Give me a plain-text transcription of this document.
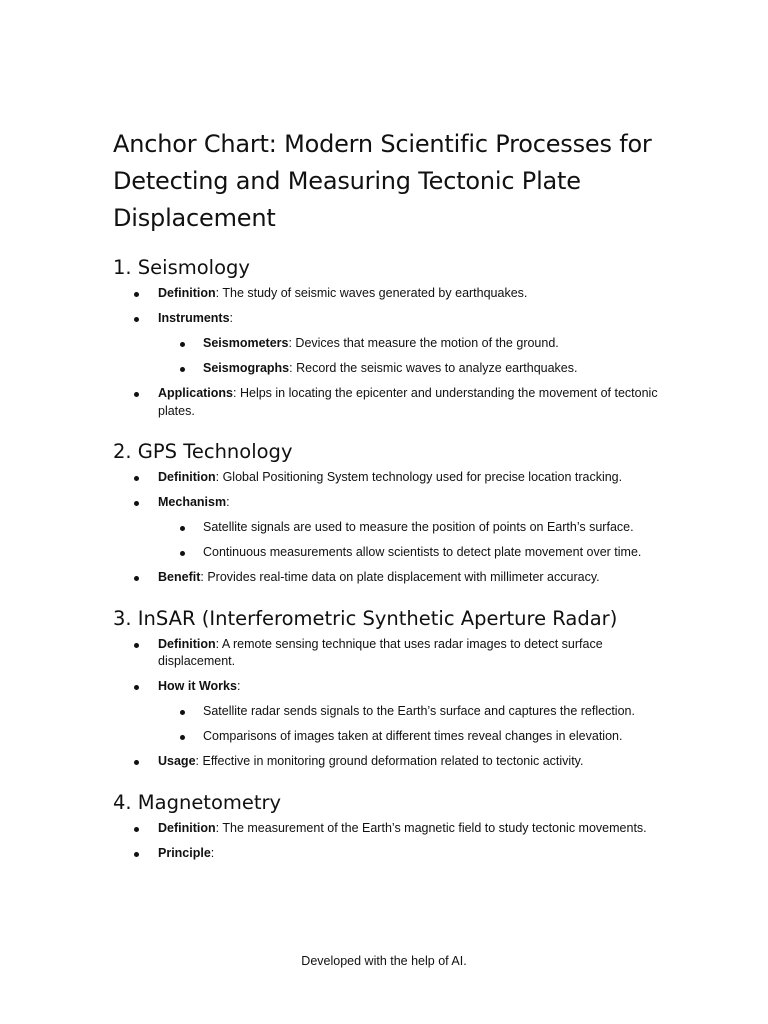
Anchor Chart: Modern Scientific Processes for Detecting and Measuring Tectonic Plate Displacement
1. Seismology
Definition: The study of seismic waves generated by earthquakes.
Instruments:
Seismometers: Devices that measure the motion of the ground.
Seismographs: Record the seismic waves to analyze earthquakes.
Applications: Helps in locating the epicenter and understanding the movement of tectonic plates.
2. GPS Technology
Definition: Global Positioning System technology used for precise location tracking.
Mechanism:
Satellite signals are used to measure the position of points on Earth’s surface.
Continuous measurements allow scientists to detect plate movement over time.
Benefit: Provides real-time data on plate displacement with millimeter accuracy.
3. InSAR (Interferometric Synthetic Aperture Radar)
Definition: A remote sensing technique that uses radar images to detect surface displacement.
How it Works:
Satellite radar sends signals to the Earth’s surface and captures the reflection.
Comparisons of images taken at different times reveal changes in elevation.
Usage: Effective in monitoring ground deformation related to tectonic activity.
4. Magnetometry
Definition: The measurement of the Earth’s magnetic field to study tectonic movements.
Principle:
Developed with the help of AI.
